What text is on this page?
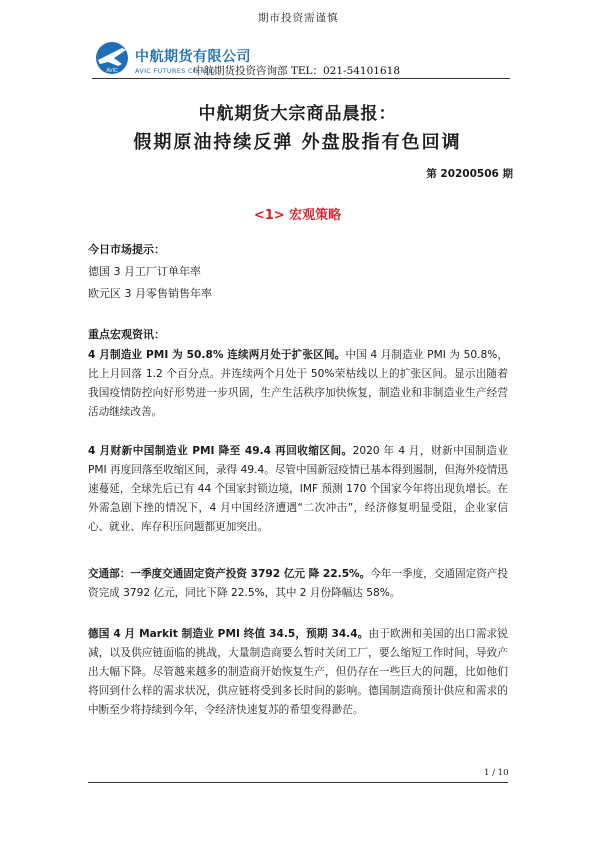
期市投资需谨慎
AVIC
中航期货有限公司
AVIC FUTURES CO.,LTD
中航期货投资咨询部 TEL：021-54101618
中航期货大宗商品晨报：
假期原油持续反弹 外盘股指有色回调
第 20200506 期
<1> 宏观策略
今日市场提示：
德国 3 月工厂订单年率
欧元区 3 月零售销售年率
重点宏观资讯：
4 月制造业 PMI 为 50.8% 连续两月处于扩张区间。中国 4 月制造业 PMI 为 50.8%，比上月回落 1.2 个百分点。并连续两个月处于 50%荣枯线以上的扩张区间。显示出随着我国疫情防控向好形势进一步巩固，生产生活秩序加快恢复，制造业和非制造业生产经营活动继续改善。
4 月财新中国制造业 PMI 降至 49.4 再回收缩区间。2020 年 4 月，财新中国制造业 PMI 再度回落至收缩区间，录得 49.4。尽管中国新冠疫情已基本得到遏制，但海外疫情迅速蔓延，全球先后已有 44 个国家封锁边境，IMF 预测 170 个国家今年将出现负增长。在外需急剧下挫的情况下，4 月中国经济遭遇“二次冲击”，经济修复明显受阻，企业家信心、就业、库存积压问题都更加突出。
交通部：一季度交通固定资产投资 3792 亿元 降 22.5%。今年一季度，交通固定资产投资完成 3792 亿元，同比下降 22.5%，其中 2 月份降幅达 58%。
德国 4 月 Markit 制造业 PMI 终值 34.5，预期 34.4。由于欧洲和美国的出口需求锐减，以及供应链面临的挑战，大量制造商要么暂时关闭工厂，要么缩短工作时间，导致产出大幅下降。尽管越来越多的制造商开始恢复生产，但仍存在一些巨大的问题，比如他们将回到什么样的需求状况，供应链将受到多长时间的影响。德国制造商预计供应和需求的中断至少将持续到今年，令经济快速复苏的希望变得渺茫。
1 / 10
